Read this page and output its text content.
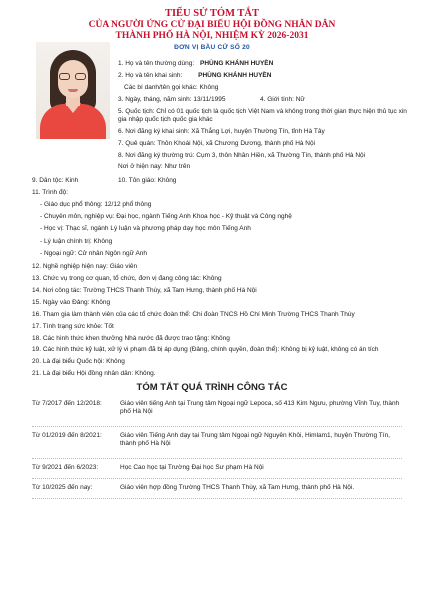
TIỂU SỬ TÓM TẮT
CỦA NGƯỜI ỨNG CỬ ĐẠI BIỂU HỘI ĐỒNG NHÂN DÂN
THÀNH PHỐ HÀ NỘI, NHIỆM KỲ 2026-2031
ĐƠN VỊ BẦU CỬ SỐ 20
1. Họ và tên thường dùng: PHÙNG KHÁNH HUYỀN
2. Họ và tên khai sinh: PHÙNG KHÁNH HUYỀN
Các bí danh/tên gọi khác: Không
3. Ngày, tháng, năm sinh: 13/11/1995	4. Giới tính: Nữ
5. Quốc tịch: Chỉ có 01 quốc tịch là quốc tịch Việt Nam và không trong thời gian thực hiện thủ tục xin gia nhập quốc tịch quốc gia khác
6. Nơi đăng ký khai sinh: Xã Thắng Lợi, huyện Thường Tín, tỉnh Hà Tây
7. Quê quán: Thôn Khoái Nội, xã Chương Dương, thành phố Hà Nội
8. Nơi đăng ký thường trú: Cụm 3, thôn Nhân Hiền, xã Thường Tín, thành phố Hà Nội
Nơi ở hiện nay: Như trên
9. Dân tộc: Kinh	10. Tôn giáo: Không
11. Trình độ:
- Giáo dục phổ thông: 12/12 phổ thông
- Chuyên môn, nghiệp vụ: Đại học, ngành Tiếng Anh Khoa học - Kỹ thuật và Công nghệ
- Học vị: Thạc sĩ, ngành Lý luận và phương pháp dạy học môn Tiếng Anh
- Lý luận chính trị: Không
- Ngoại ngữ: Cử nhân Ngôn ngữ Anh
12. Nghề nghiệp hiện nay: Giáo viên
13. Chức vụ trong cơ quan, tổ chức, đơn vị đang công tác: Không
14. Nơi công tác: Trường THCS Thanh Thùy, xã Tam Hưng, thành phố Hà Nội
15. Ngày vào Đảng: Không
16. Tham gia làm thành viên của các tổ chức đoàn thể: Chi đoàn TNCS Hồ Chí Minh Trường THCS Thanh Thùy
17. Tình trạng sức khỏe: Tốt
18. Các hình thức khen thưởng Nhà nước đã được trao tặng: Không
19. Các hình thức kỷ luật, xử lý vi phạm đã bị áp dụng (Đảng, chính quyền, đoàn thể): Không bị kỷ luật, không có án tích
20. Là đại biểu Quốc hội: Không
21. Là đại biểu Hội đồng nhân dân: Không.
TÓM TẮT QUÁ TRÌNH CÔNG TÁC
Từ 7/2017 đến 12/2018:	Giáo viên tiếng Anh tại Trung tâm Ngoại ngữ Lepoca, số 413 Kim Ngưu, phường Vĩnh Tuy, thành phố Hà Nội
Từ 01/2019 đến 8/2021:	Giáo viên Tiếng Anh dạy tại Trung tâm Ngoại ngữ Nguyên Khôi, Himlam1, huyện Thường Tín, thành phố Hà Nội
Từ 9/2021 đến 6/2023:	Học Cao học tại Trường Đại học Sư phạm Hà Nội
Từ 10/2025 đến nay:	Giáo viên hợp đồng Trường THCS Thanh Thùy, xã Tam Hưng, thành phố Hà Nội.
